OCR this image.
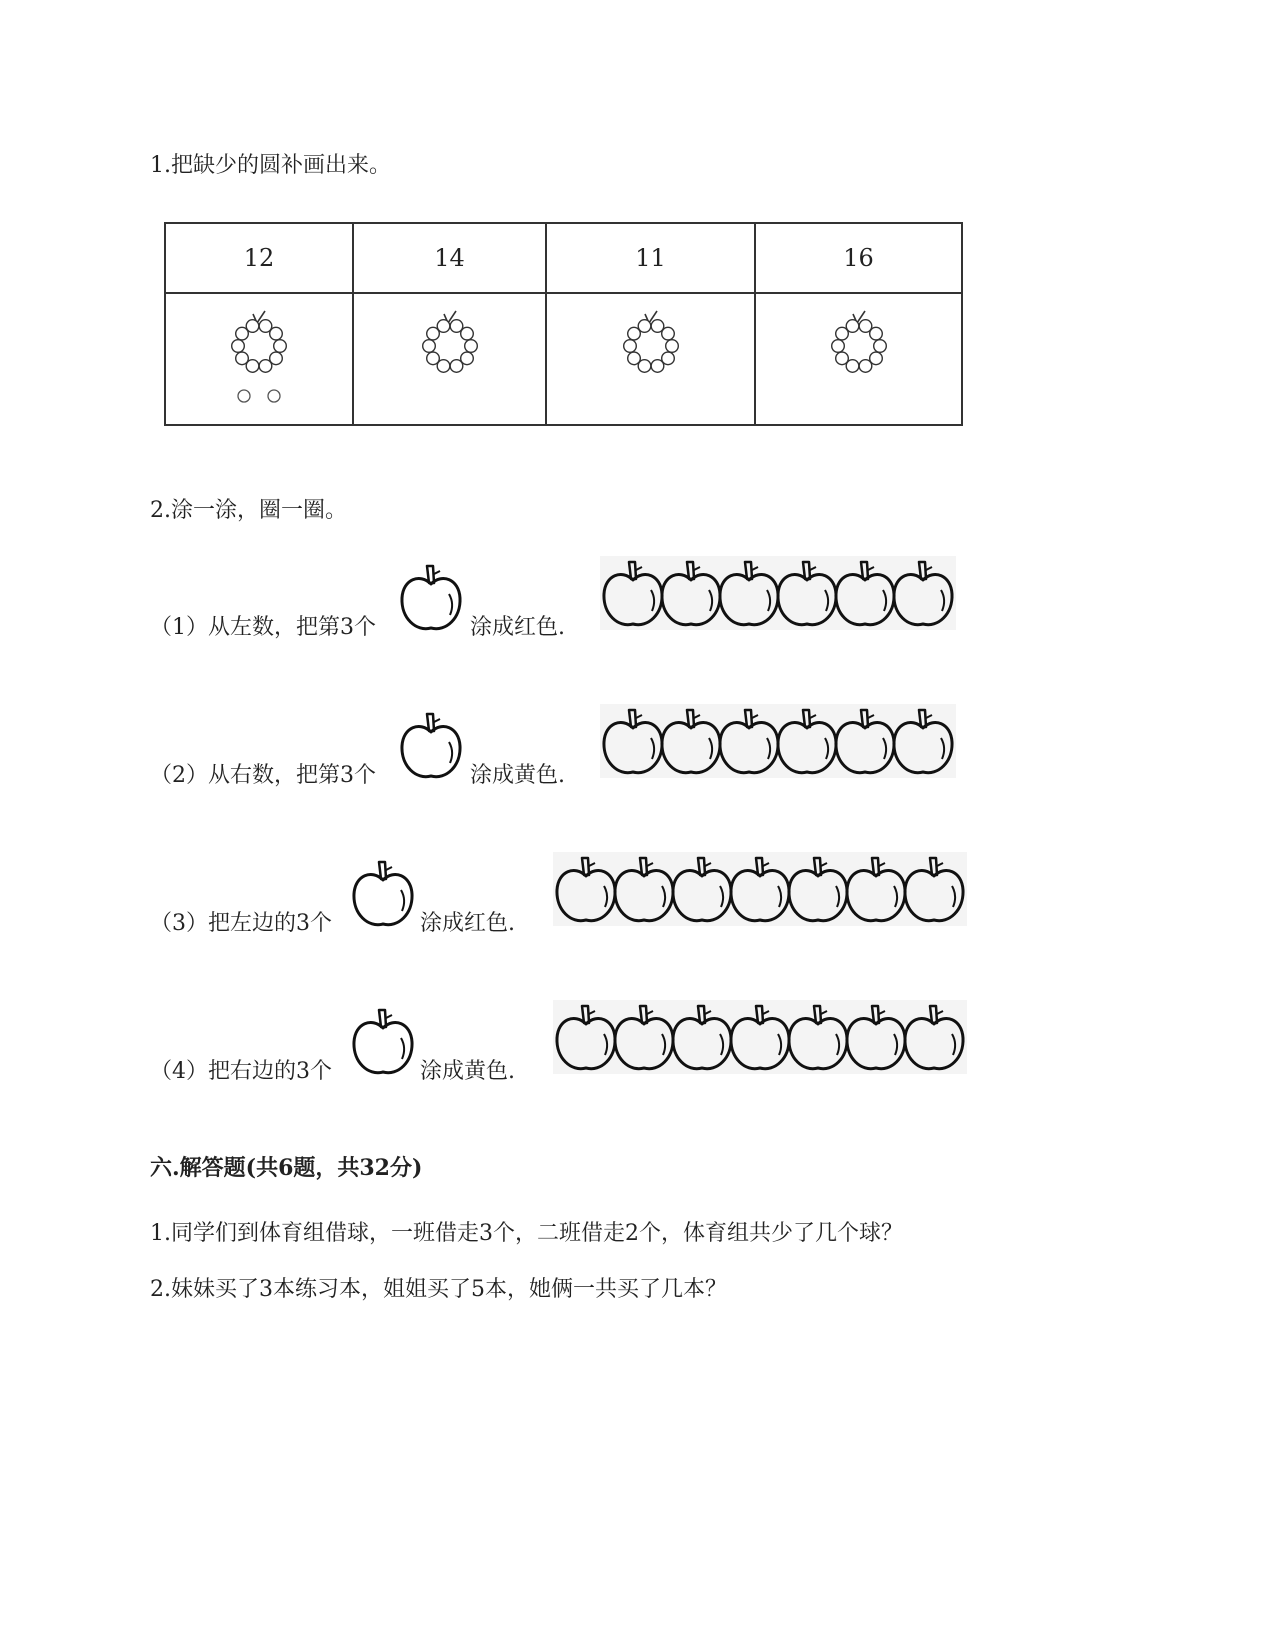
1.把缺少的圆补画出来。
12	14	11	16

2.涂一涂，圈一圈。
（1）从左数，把第3个	涂成红色.
（2）从右数，把第3个	涂成黄色.
（3）把左边的3个	涂成红色.
（4）把右边的3个	涂成黄色.
六.解答题(共6题，共32分)
1.同学们到体育组借球，一班借走3个，二班借走2个，体育组共少了几个球？
2.妹妹买了3本练习本，姐姐买了5本，她俩一共买了几本？
